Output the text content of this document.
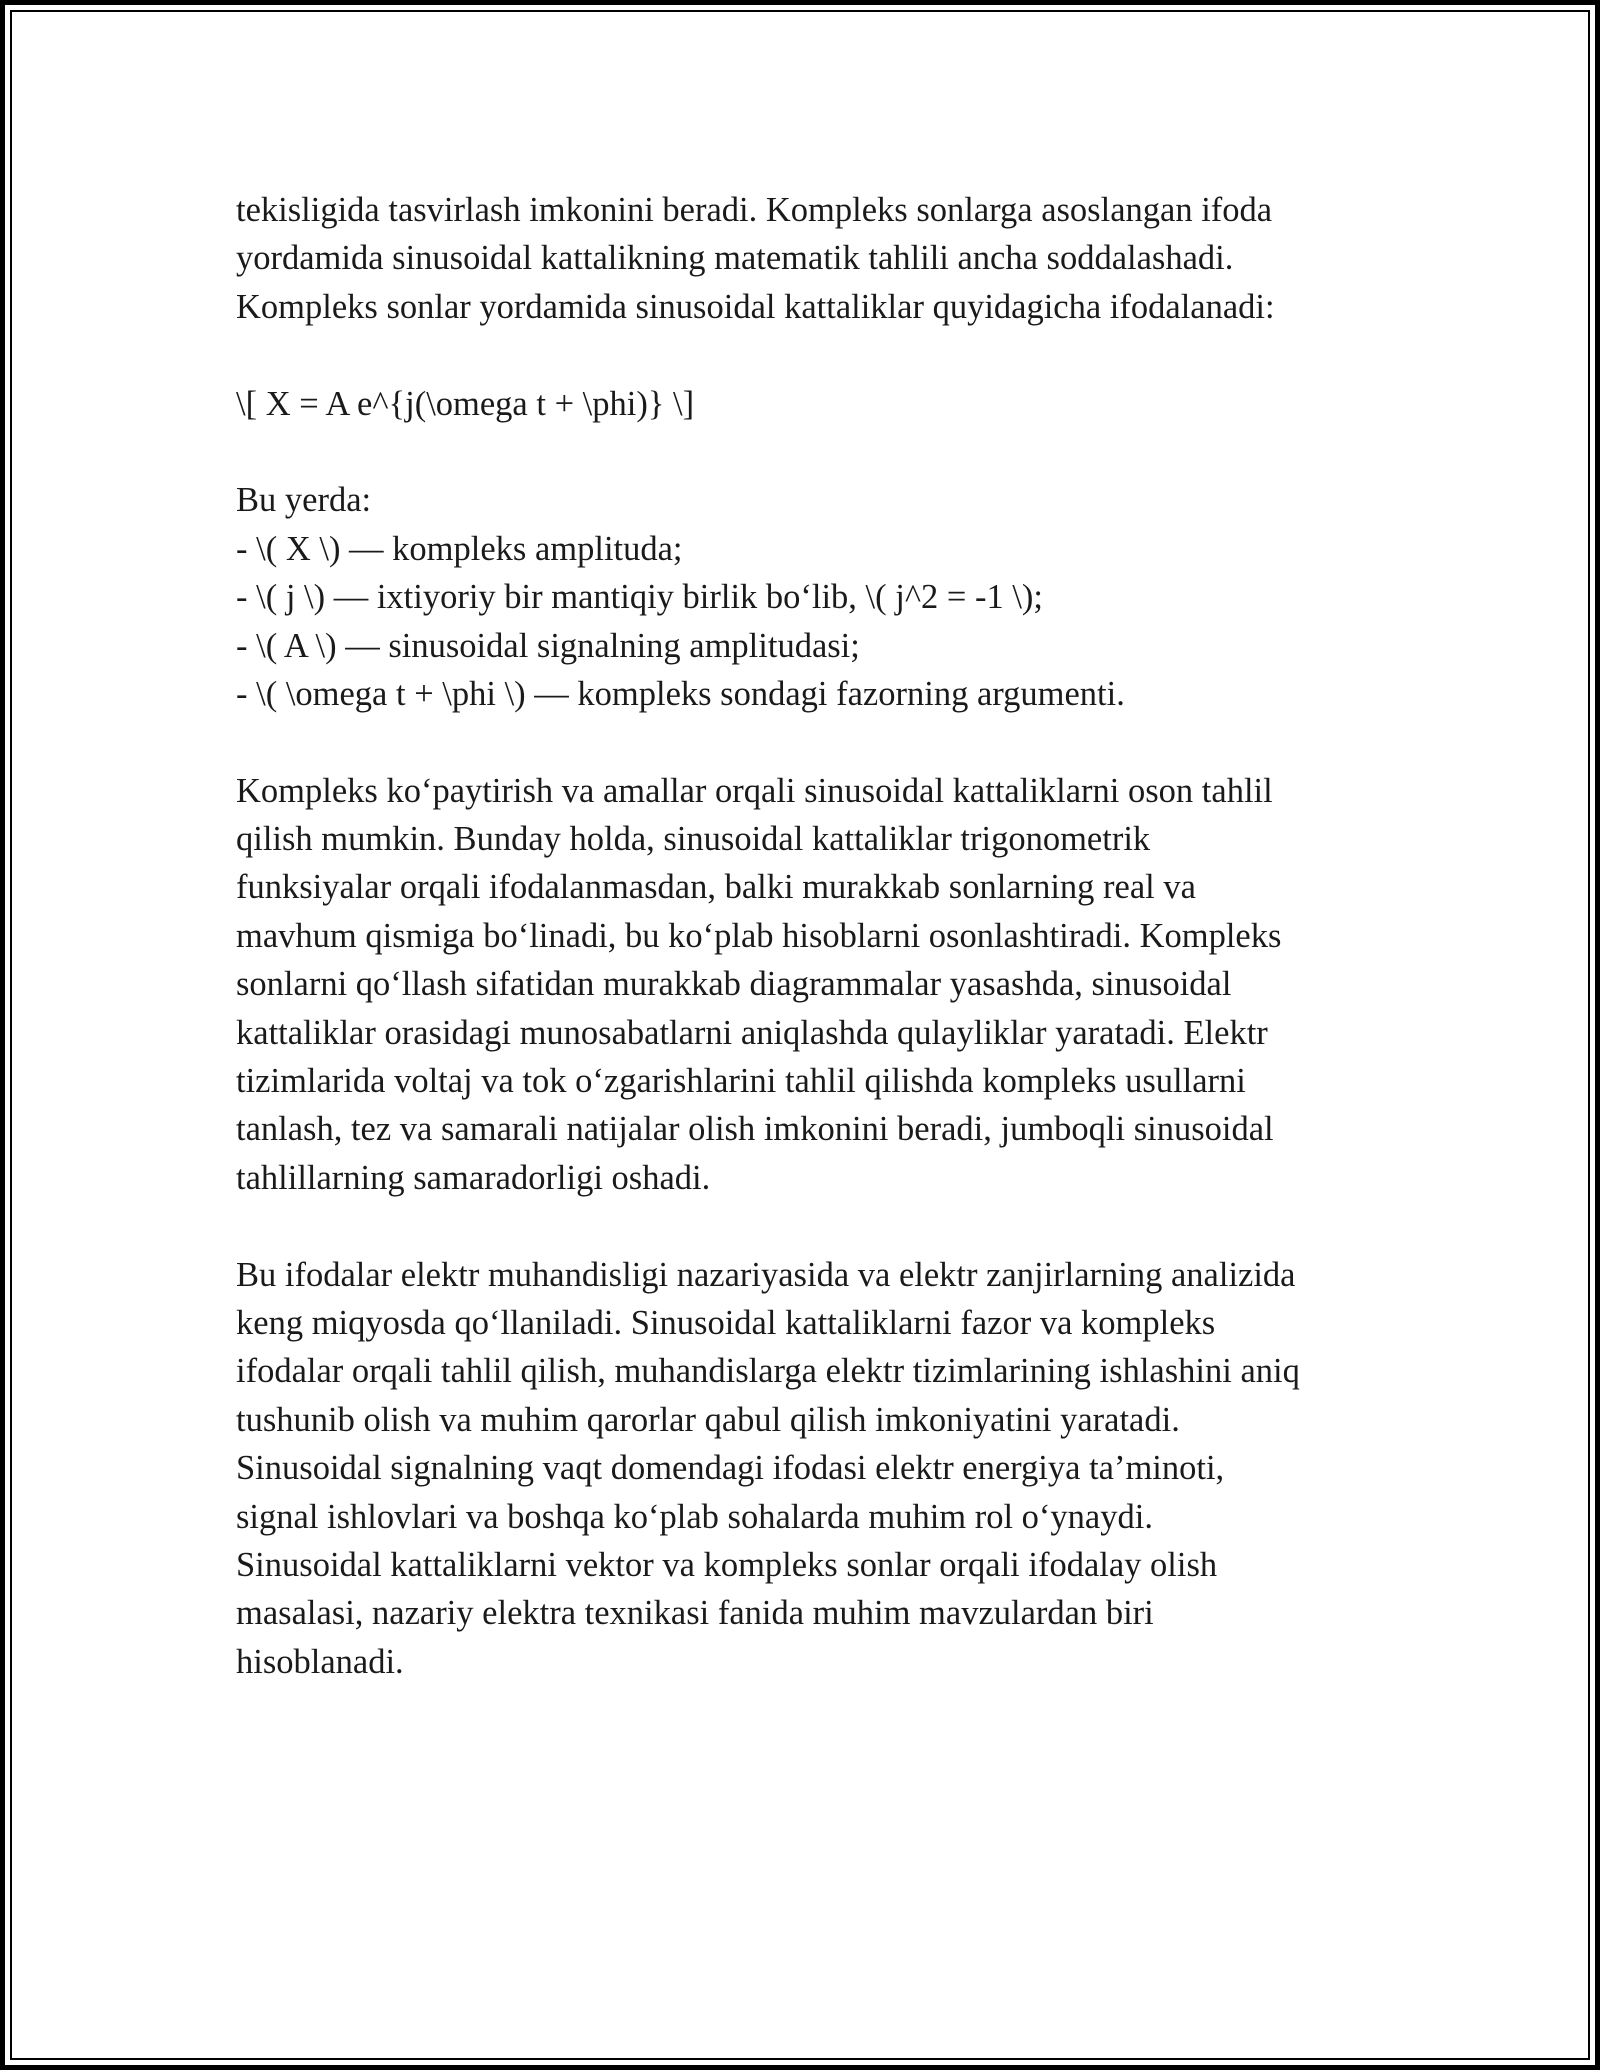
tekisligida tasvirlash imkonini beradi. Kompleks sonlarga asoslangan ifoda
yordamida sinusoidal kattalikning matematik tahlili ancha soddalashadi.
Kompleks sonlar yordamida sinusoidal kattaliklar quyidagicha ifodalanadi:
\[ X = A e^{j(\omega t + \phi)} \]
Bu yerda:
- \( X \) — kompleks amplituda;
- \( j \) — ixtiyoriy bir mantiqiy birlik bo‘lib, \( j^2 = -1 \);
- \( A \) — sinusoidal signalning amplitudasi;
- \( \omega t + \phi \) — kompleks sondagi fazorning argumenti.
Kompleks ko‘paytirish va amallar orqali sinusoidal kattaliklarni oson tahlil
qilish mumkin. Bunday holda, sinusoidal kattaliklar trigonometrik
funksiyalar orqali ifodalanmasdan, balki murakkab sonlarning real va
mavhum qismiga bo‘linadi, bu ko‘plab hisoblarni osonlashtiradi. Kompleks
sonlarni qo‘llash sifatidan murakkab diagrammalar yasashda, sinusoidal
kattaliklar orasidagi munosabatlarni aniqlashda qulayliklar yaratadi. Elektr
tizimlarida voltaj va tok o‘zgarishlarini tahlil qilishda kompleks usullarni
tanlash, tez va samarali natijalar olish imkonini beradi, jumboqli sinusoidal
tahlillarning samaradorligi oshadi.
Bu ifodalar elektr muhandisligi nazariyasida va elektr zanjirlarning analizida
keng miqyosda qo‘llaniladi. Sinusoidal kattaliklarni fazor va kompleks
ifodalar orqali tahlil qilish, muhandislarga elektr tizimlarining ishlashini aniq
tushunib olish va muhim qarorlar qabul qilish imkoniyatini yaratadi.
Sinusoidal signalning vaqt domendagi ifodasi elektr energiya ta’minoti,
signal ishlovlari va boshqa ko‘plab sohalarda muhim rol o‘ynaydi.
Sinusoidal kattaliklarni vektor va kompleks sonlar orqali ifodalay olish
masalasi, nazariy elektra texnikasi fanida muhim mavzulardan biri
hisoblanadi.
